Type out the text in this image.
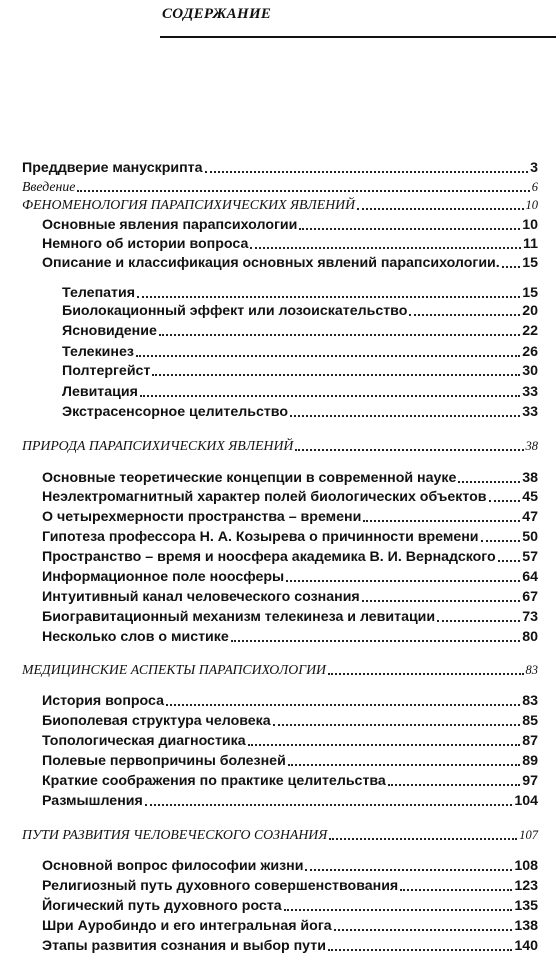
СОДЕРЖАНИЕ
Преддверие манускрипта	3
Введение	6
ФЕНОМЕНОЛОГИЯ ПАРАПСИХИЧЕСКИХ ЯВЛЕНИЙ	10
Основные явления парапсихологии	10
Немного об истории вопроса	11
Описание и классификация основных явлений парапсихологии. 15
Телепатия	15
Биолокационный эффект или лозоискательство	20
Ясновидение	22
Телекинез	26
Полтергейст	30
Левитация	33
Экстрасенсорное целительство	33
ПРИРОДА ПАРАПСИХИЧЕСКИХ ЯВЛЕНИЙ	38
Основные теоретические концепции в современной науке	38
Неэлектромагнитный характер полей биологических объектов	45
О четырехмерности пространства – времени	47
Гипотеза профессора Н. А. Козырева о причинности времени	50
Пространство – время и ноосфера академика В. И. Вернадского 57
Информационное поле ноосферы	64
Интуитивный канал человеческого сознания	67
Биогравитационный механизм телекинеза и левитации	73
Несколько слов о мистике	80
МЕДИЦИНСКИЕ АСПЕКТЫ ПАРАПСИХОЛОГИИ	83
История вопроса	83
Биополевая структура человека	85
Топологическая диагностика	87
Полевые первопричины болезней	89
Краткие соображения по практике целительства	97
Размышления	104
ПУТИ РАЗВИТИЯ ЧЕЛОВЕЧЕСКОГО СОЗНАНИЯ	107
Основной вопрос философии жизни	108
Религиозный путь духовного совершенствования	123
Йогический путь духовного роста	135
Шри Ауробиндо и его интегральная йога	138
Этапы развития сознания и выбор пути	140
